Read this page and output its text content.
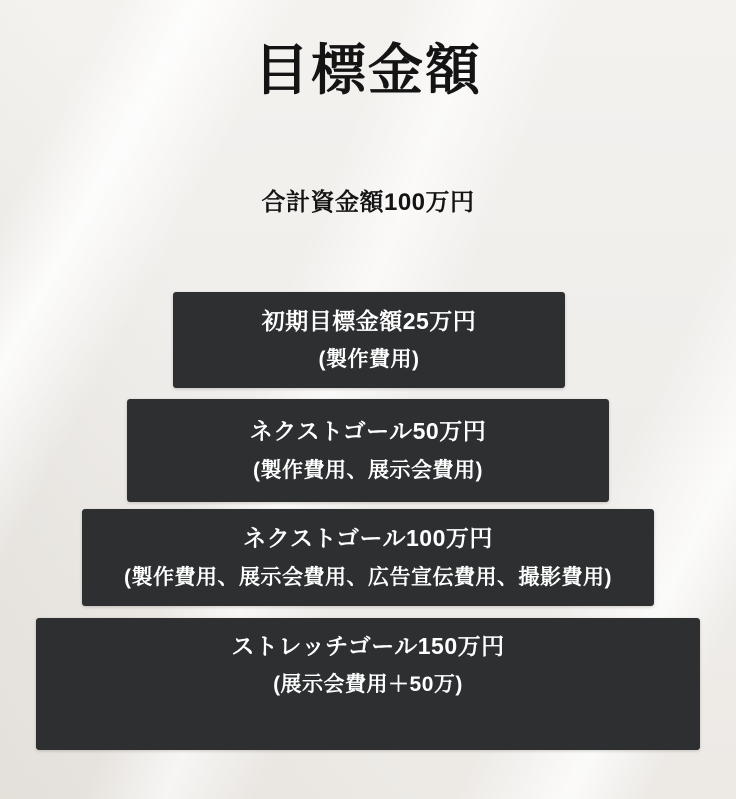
目標金額
合計資金額100万円
初期目標金額25万円
(製作費用)
ネクストゴール50万円
(製作費用、展示会費用)
ネクストゴール100万円
(製作費用、展示会費用、広告宣伝費用、撮影費用)
ストレッチゴール150万円
(展示会費用＋50万)
